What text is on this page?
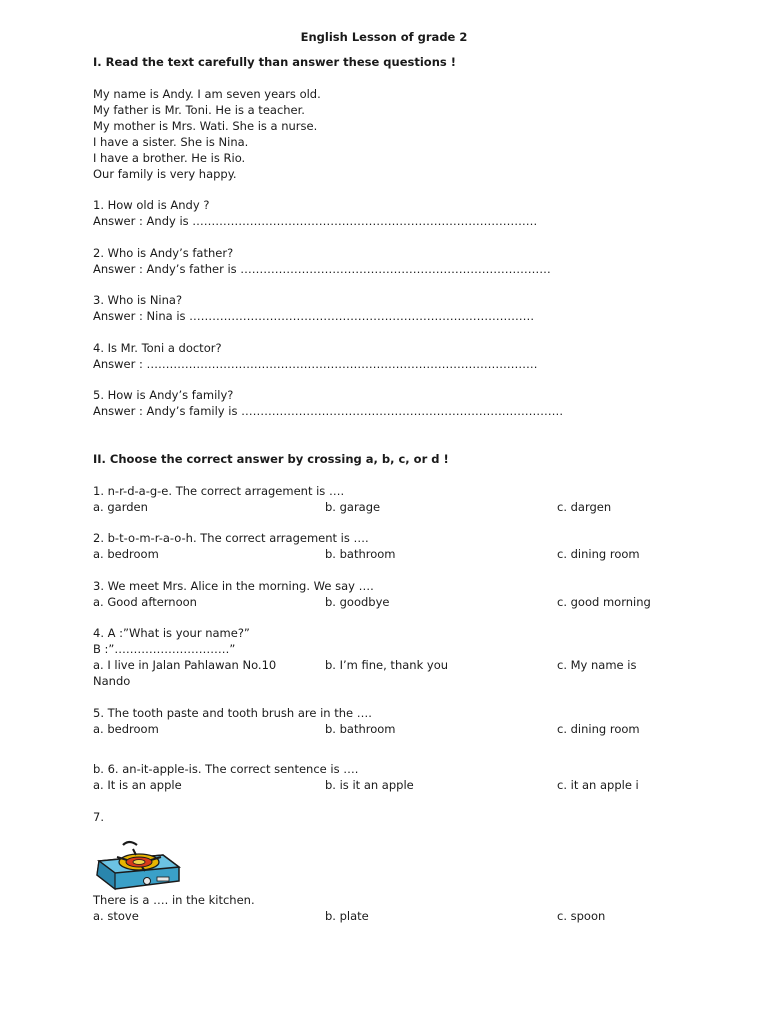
English Lesson of grade 2
I. Read the text carefully than answer these questions !
My name is Andy. I am seven years old.
My father is Mr. Toni. He is a teacher.
My mother is Mrs. Wati. She is a nurse.
I have a sister. She is Nina.
I have a brother. He is Rio.
Our family is very happy.
1. How old is Andy ?
Answer : Andy is ………………………………………………………………………………
2. Who is Andy’s father?
Answer : Andy’s father is ………………………………………………………………………
3. Who is Nina?
Answer : Nina is ………………………………………………………………………………
4. Is Mr. Toni a doctor?
Answer : …………………………………………………………………………………………
5. How is Andy’s family?
Answer : Andy’s family is …………………………………………………………………………
II. Choose the correct answer by crossing a, b, c, or d !
1. n-r-d-a-g-e. The correct arragement is ….
a. garden	b. garage	c. dargen
2. b-t-o-m-r-a-o-h. The correct arragement is ….
a. bedroom	b. bathroom	c. dining room
3. We meet Mrs. Alice in the morning. We say ….
a. Good afternoon	b. goodbye	c. good morning
4. A :”What is your name?”
B :”…………………………”
a. I live in Jalan Pahlawan No.10	b. I’m fine, thank you	c. My name is
Nando
5. The tooth paste and tooth brush are in the ….
a. bedroom	b. bathroom	c. dining room
b. 6. an-it-apple-is. The correct sentence is ….
a. It is an apple	b. is it an apple	c. it an apple i
7.
There is a …. in the kitchen.
a. stove	b. plate	c. spoon
